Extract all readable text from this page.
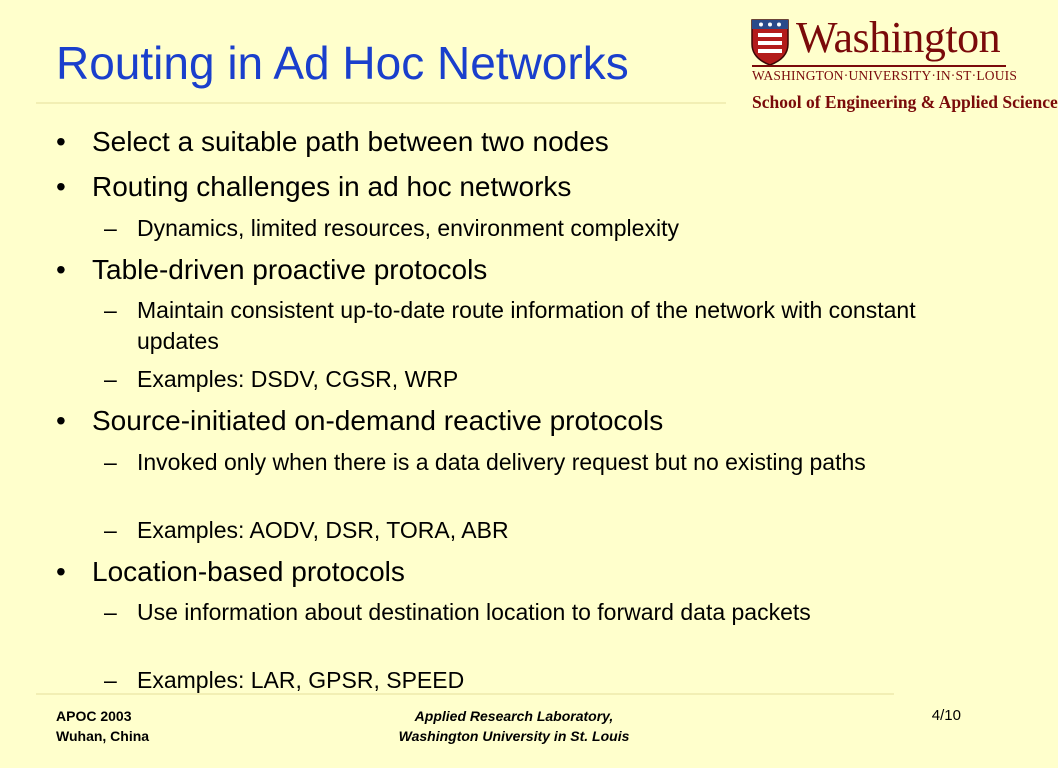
Routing in Ad Hoc Networks	Washington
WASHINGTON·UNIVERSITY·IN·ST·LOUIS
School of Engineering & Applied Science
• Select a suitable path between two nodes
• Routing challenges in ad hoc networks
– Dynamics, limited resources, environment complexity
• Table-driven proactive protocols
– Maintain consistent up-to-date route information of the network with constant updates
– Examples: DSDV, CGSR, WRP
• Source-initiated on-demand reactive protocols
– Invoked only when there is a data delivery request but no existing paths
– Examples: AODV, DSR, TORA, ABR
• Location-based protocols
– Use information about destination location to forward data packets
– Examples: LAR, GPSR, SPEED
APOC 2003
Wuhan, China
Applied Research Laboratory,
Washington University in St. Louis
4/10
